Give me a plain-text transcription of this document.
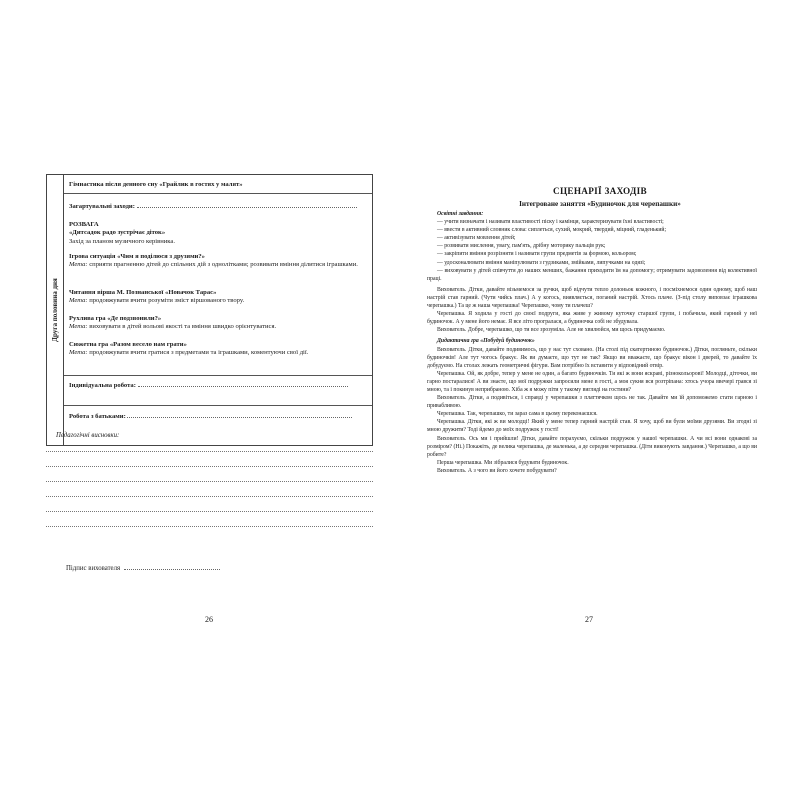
Друга половина дня
Гімнастика після денного сну «Грайлик в гостях у малят»
Загартувальні заходи:
РОЗВАГА
«Дитсадок радо зустрічає діток»
Захід за планом музичного керівника.
Ігрова ситуація «Чим я поділюся з друзями?»
Мета: сприяти прагненню дітей до спільних дій з однолітками; розвивати вміння ділитися іграшками.
Читання вірша М. Познанської «Новачок Тарас»
Мета: продовжувати вчити розуміти зміст віршованого твору.
Рухлива гра «Де подзвонили?»
Мета: виховувати в дітей вольові якості та вміння швидко орієнтуватися.
Сюжетна гра «Разом весело нам грати»
Мета: продовжувати вчити гратися з предметами та іграшками, коментуючи свої дії.
Індивідуальна робота:
Робота з батьками:
Педагогічні висновки:
Підпис вихователя
26
СЦЕНАРІЇ ЗАХОДІВ
Інтегроване заняття «Будиночок для черепашки»

Освітні завдання:

— учити визначати і називати властивості піску і камінця, характеризувати їхні властивості;

— ввести в активний словник слова: сиплеться, сухий, мокрий, твердий, міцний, гладенький;

— активізувати мовлення дітей;

— розвивати мислення, увагу, пам'ять, дрібну моторику пальців рук;

— закріпити вміння розрізняти і називати групи предметів за формою, кольором;

— удосконалювати вміння маніпулювати з гудзиками, змійками, липучками на одязі;

— виховувати у дітей співчуття до наших менших, бажання приходити їм на допомогу; отримувати задоволення від колективної праці.

Вихователь. Дітки, давайте візьмемося за ручки, щоб відчути тепло долоньок кожного, і посміхнемося один одному, щоб наш настрій став гарний. (Чути чийсь плач.) А у когось, виявляється, поганий настрій. Хтось плаче. (З-під столу виповзає іграшкова черепашка.) Та це ж наша черепашка! Черепашко, чому ти плачеш?

Черепашка. Я ходила у гості до своєї подруги, яка живе у живому куточку старшої групи, і побачила, який гарний у неї будиночок. А у мене його немає. Я все літо програлася, а будиночка собі не збудувала.

Вихователь. Добре, черепашко, що ти все зрозуміла. Але не хвилюйся, ми щось придумаємо.

Дидактична гра «Побудуй будиночок»

Вихователь. Дітки, давайте подивимось, що у нас тут сховано. (На столі під скатертиною будиночок.) Дітки, погляньте, скільки будиночків! Але тут чогось бракує. Як ви думаєте, що тут не так? Якщо ви вважаєте, що бракує вікон і дверей, то давайте їх добудуємо. На столах лежать геометричні фігури. Вам потрібно їх вставити у відповідний отвір.

Черепашка. Ой, як добре, тепер у мене не один, а багато будиночків. Ти які ж вони яскраві, різнокольорові! Молодці, діточки, ви гарно постаралися! А ви знаєте, що мої подружки запросили мене в гості, а моя сукня вся розтріпана: хтось учора ввечері грався зі мною, та і покинув неприбраною. Хіба ж я можу піти у такому вигляді на гостини?

Вихователь. Дітки, а подивіться, і справді у черепашки з платтячком щось не так. Давайте ми їй допоможемо стати гарною і привабливою.

Черепашка. Так, черепашко, ти зараз сама в цьому переконаєшся.

Черепашка. Дітки, які ж ви молодці! Який у мене тепер гарний настрій став. Я хочу, щоб ви були моїми друзями. Ви згодні зі мною дружити? Тоді йдемо до моїх подружок у гості!

Вихователь. Ось ми і прийшли! Дітки, давайте порахуємо, скільки подружок у нашої черепашки. А чи всі вони однакові за розміром? (Ні.) Покажіть, де велика черепашка, де маленька, а де середня черепашка. (Діти виконують завдання.) Черепашко, а що ви робите?

Перша черепашка. Ми зібралися будувати будиночок.

Вихователь. А з чого ви його хочете побудувати?

27
